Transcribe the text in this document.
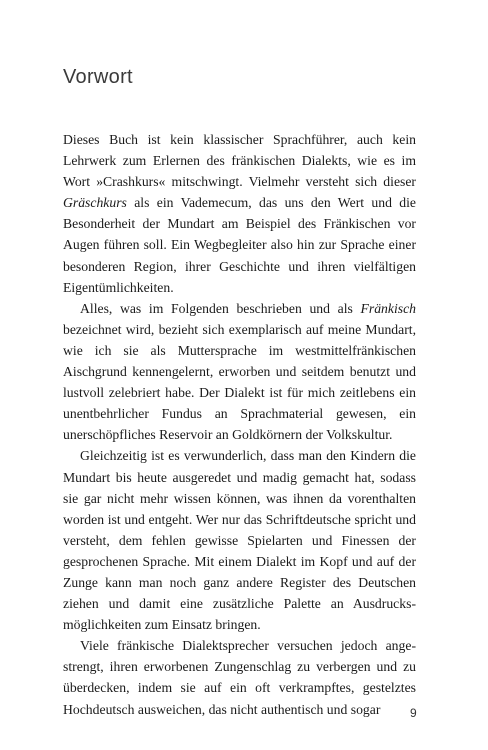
Vorwort

Dieses Buch ist kein klassischer Sprachführer, auch kein Lehrwerk zum Erlernen des fränkischen Dialekts, wie es im Wort »Crashkurs« mitschwingt. Vielmehr versteht sich dieser Gräschkurs als ein Vademecum, das uns den Wert und die Besonderheit der Mundart am Beispiel des Fränkischen vor Augen führen soll. Ein Wegbegleiter also hin zur Sprache einer besonderen Region, ihrer Geschichte und ihren vielfältigen Eigentümlichkeiten.

Alles, was im Folgenden beschrieben und als Fränkisch bezeichnet wird, bezieht sich exemplarisch auf meine Mundart, wie ich sie als Muttersprache im westmittelfränkischen Aischgrund kennengelernt, erworben und seitdem benutzt und lustvoll zelebriert habe. Der Dialekt ist für mich zeitlebens ein unentbehrlicher Fundus an Sprachmaterial gewesen, ein unerschöpfliches Reservoir an Goldkörnern der Volkskultur.

Gleichzeitig ist es verwunderlich, dass man den Kindern die Mundart bis heute ausgeredet und madig gemacht hat, sodass sie gar nicht mehr wissen können, was ihnen da vorenthalten worden ist und entgeht. Wer nur das Schriftdeutsche spricht und versteht, dem fehlen gewisse Spielarten und Finessen der gesprochenen Sprache. Mit einem Dialekt im Kopf und auf der Zunge kann man noch ganz andere Register des Deutschen ziehen und damit eine zusätzliche Palette an Ausdrucksmöglichkeiten zum Einsatz bringen.

Viele fränkische Dialektsprecher versuchen jedoch angestrengt, ihren erworbenen Zungenschlag zu verbergen und zu überdecken, indem sie auf ein oft verkrampftes, gestelztes Hochdeutsch ausweichen, das nicht authentisch und sogar	9
